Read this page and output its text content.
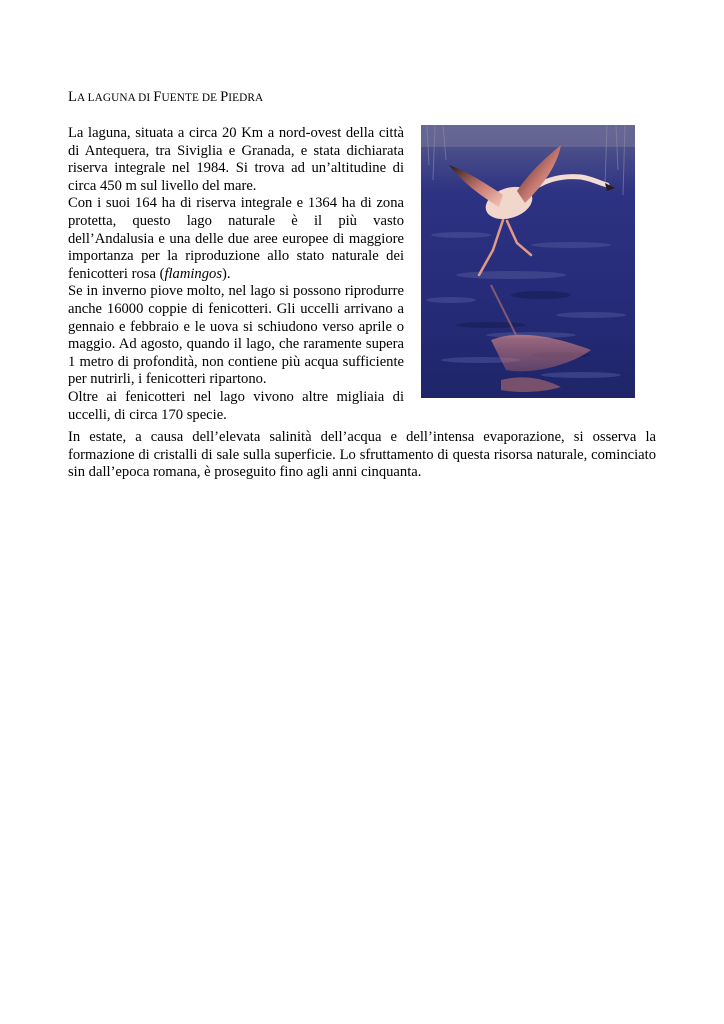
LA LAGUNA DI FUENTE DE PIEDRA

La laguna, situata a circa 20 Km a nord-ovest della città di Antequera, tra Siviglia e Granada, e stata dichiarata riserva integrale nel 1984. Si trova ad un’altitudine di circa 450 m sul livello del mare.

Con i suoi 164 ha di riserva integrale e 1364 ha di zona protetta, questo lago naturale è il più vasto dell’Andalusia e una delle due aree europee di maggiore importanza per la riproduzione allo stato naturale dei fenicotteri rosa (flamingos).

Se in inverno piove molto, nel lago si possono riprodurre anche 16000 coppie di fenicotteri. Gli uccelli arrivano a gennaio e febbraio e le uova si schiudono verso aprile o maggio. Ad agosto, quando il lago, che raramente supera 1 metro di profondità, non contiene più acqua sufficiente per nutrirli, i fenicotteri ripartono.

Oltre ai fenicotteri nel lago vivono altre migliaia di uccelli, di circa 170 specie.

In estate, a causa dell’elevata salinità dell’acqua e dell’intensa evaporazione, si osserva la formazione di cristalli di sale sulla superficie. Lo sfruttamento di questa risorsa naturale, cominciato sin dall’epoca romana, è proseguito fino agli anni cinquanta.
